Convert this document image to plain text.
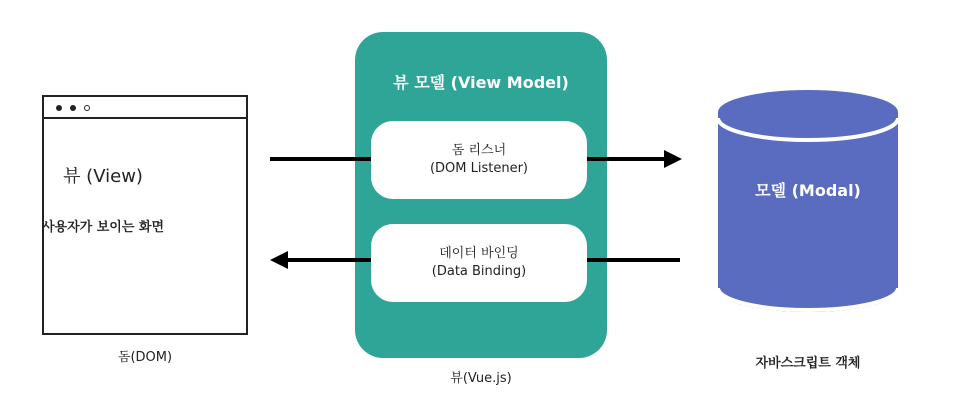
뷰 (View)
사용자가 보이는 화면
돔(DOM)
뷰 모델 (View Model)
돔 리스너
(DOM Listener)
데이터 바인딩
(Data Binding)
뷰(Vue.js)
모델 (Modal)
자바스크립트 객체
